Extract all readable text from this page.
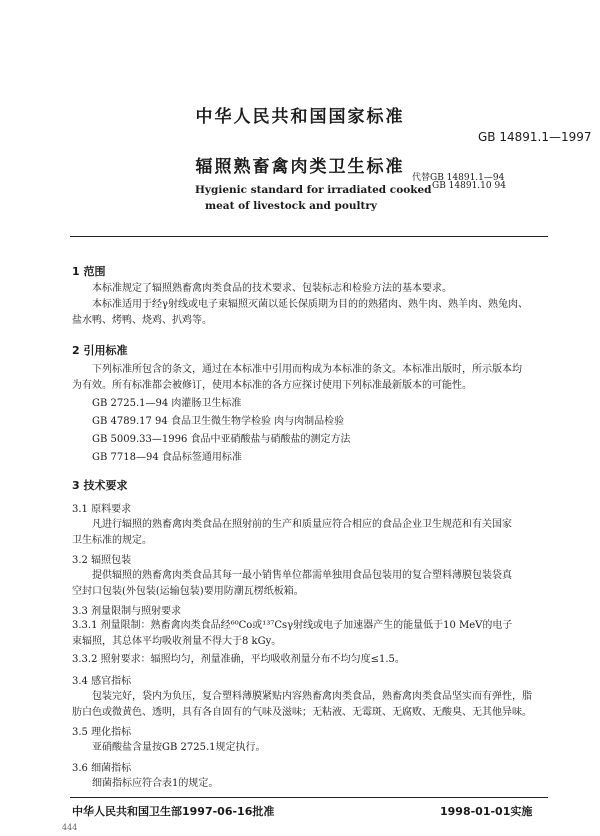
中华人民共和国国家标准
GB 14891.1—1997
辐照熟畜禽肉类卫生标准
Hygienic standard for irradiated cooked
meat of livestock and poultry
代替GB 14891.1—94
GB 14891.10 94
1 范围
本标准规定了辐照熟畜禽肉类食品的技术要求、包装标志和检验方法的基本要求。
本标准适用于经γ射线或电子束辐照灭菌以延长保质期为目的的熟猪肉、熟牛肉、熟羊肉、熟兔肉、
盐水鸭、烤鸭、烧鸡、扒鸡等。
2 引用标准
下列标准所包含的条文，通过在本标准中引用而构成为本标准的条文。本标准出版时，所示版本均
为有效。所有标准都会被修订，使用本标准的各方应探讨使用下列标准最新版本的可能性。
GB 2725.1—94 肉灌肠卫生标准
GB 4789.17 94 食品卫生微生物学检验 肉与肉制品检验
GB 5009.33—1996 食品中亚硝酸盐与硝酸盐的测定方法
GB 7718—94 食品标签通用标准
3 技术要求
3.1 原料要求
凡进行辐照的熟畜禽肉类食品在照射前的生产和质量应符合相应的食品企业卫生规范和有关国家
卫生标准的规定。
3.2 辐照包装
提供辐照的熟畜禽肉类食品其每一最小销售单位都需单独用食品包装用的复合塑料薄膜包装袋真
空封口包装(外包装(运输包装)要用防潮瓦楞纸板箱。
3.3 剂量限制与照射要求
3.3.1 剂量限制：熟畜禽肉类食品经⁶⁰Co或¹³⁷Csγ射线或电子加速器产生的能量低于10 MeV的电子
束辐照，其总体平均吸收剂量不得大于8 kGy。
3.3.2 照射要求：辐照均匀，剂量准确，平均吸收剂量分布不均匀度≤1.5。
3.4 感官指标
包装完好，袋内为负压，复合塑料薄膜紧贴内容熟畜禽肉类食品，熟畜禽肉类食品坚实而有弹性，脂
肪白色或微黄色、透明，具有各自固有的气味及滋味；无粘液、无霉斑、无腐败、无酸臭、无其他异味。
3.5 理化指标
亚硝酸盐含量按GB 2725.1规定执行。
3.6 细菌指标
细菌指标应符合表1的规定。
中华人民共和国卫生部1997-06-16批准	1998-01-01实施
444
